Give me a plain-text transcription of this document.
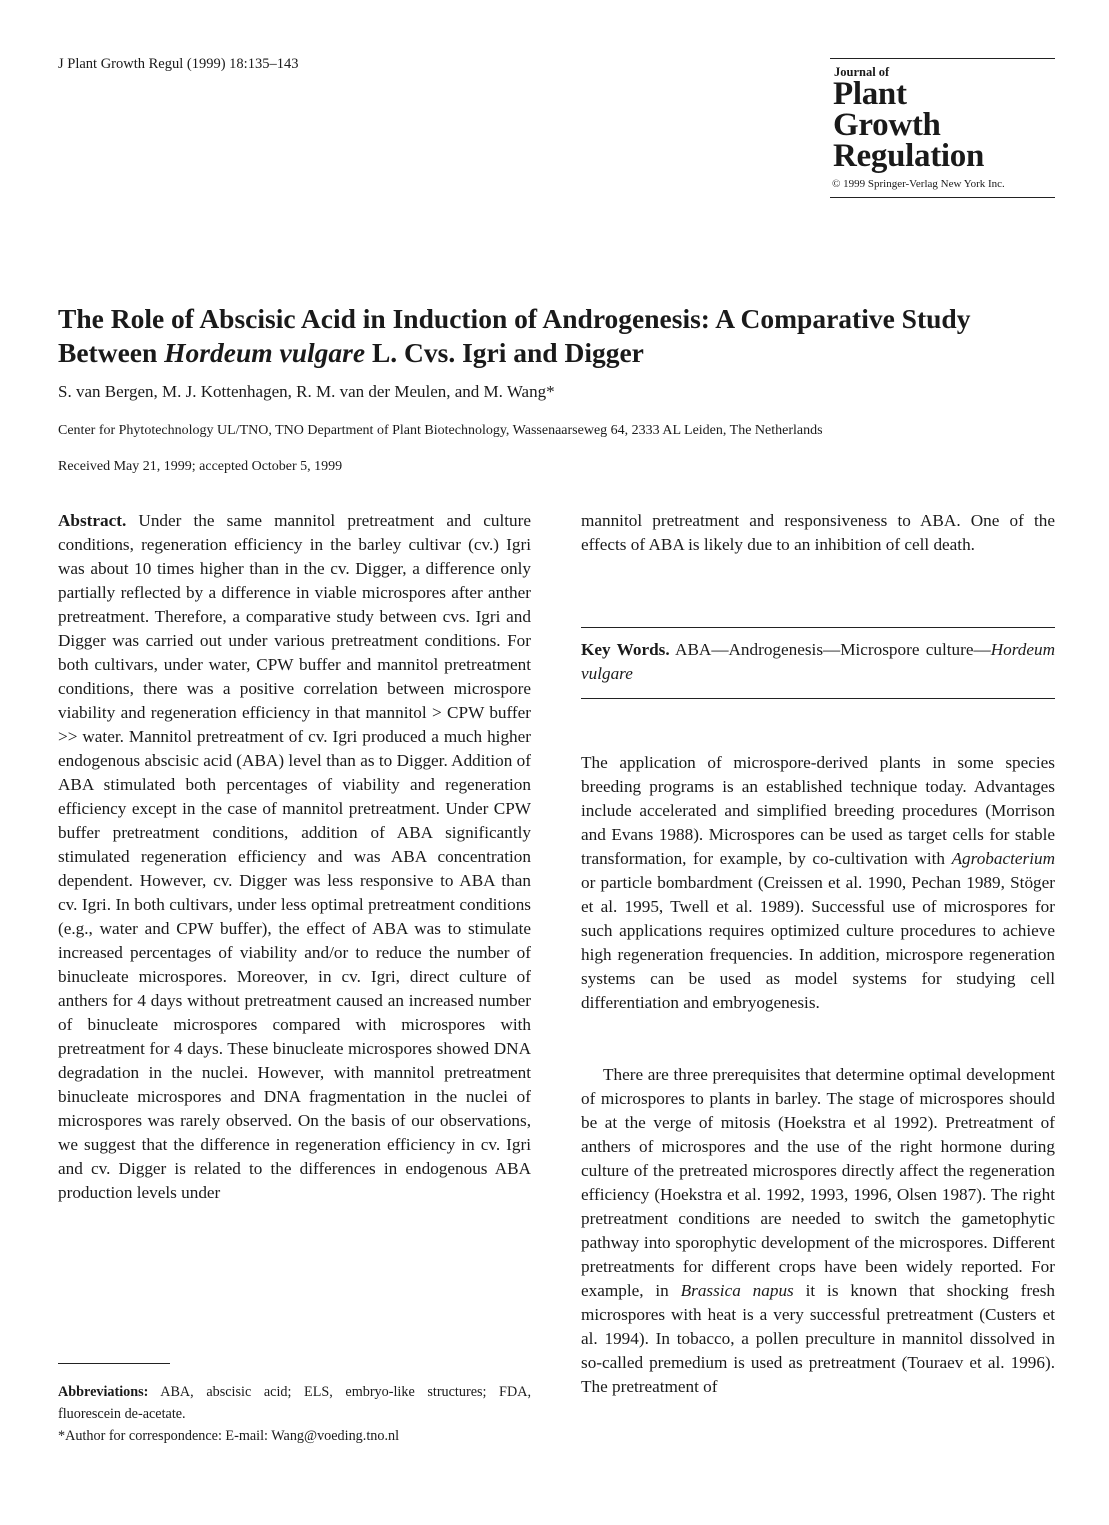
J Plant Growth Regul (1999) 18:135–143	Journal of
Plant
Growth
Regulation
© 1999 Springer-Verlag New York Inc.
The Role of Abscisic Acid in Induction of Androgenesis: A Comparative Study Between Hordeum vulgare L. Cvs. Igri and Digger
S. van Bergen, M. J. Kottenhagen, R. M. van der Meulen, and M. Wang*
Center for Phytotechnology UL/TNO, TNO Department of Plant Biotechnology, Wassenaarseweg 64, 2333 AL Leiden, The Netherlands
Received May 21, 1999; accepted October 5, 1999
Abstract. Under the same mannitol pretreatment and culture conditions, regeneration efficiency in the barley cultivar (cv.) Igri was about 10 times higher than in the cv. Digger, a difference only partially reflected by a difference in viable microspores after anther pretreatment. Therefore, a comparative study between cvs. Igri and Digger was carried out under various pretreatment conditions. For both cultivars, under water, CPW buffer and mannitol pretreatment conditions, there was a positive correlation between microspore viability and regeneration efficiency in that mannitol > CPW buffer >> water. Mannitol pretreatment of cv. Igri produced a much higher endogenous abscisic acid (ABA) level than as to Digger. Addition of ABA stimulated both percentages of viability and regeneration efficiency except in the case of mannitol pretreatment. Under CPW buffer pretreatment conditions, addition of ABA significantly stimulated regeneration efficiency and was ABA concentration dependent. However, cv. Digger was less responsive to ABA than cv. Igri. In both cultivars, under less optimal pretreatment conditions (e.g., water and CPW buffer), the effect of ABA was to stimulate increased percentages of viability and/or to reduce the number of binucleate microspores. Moreover, in cv. Igri, direct culture of anthers for 4 days without pretreatment caused an increased number of binucleate microspores compared with microspores with pretreatment for 4 days. These binucleate microspores showed DNA degradation in the nuclei. However, with mannitol pretreatment binucleate microspores and DNA fragmentation in the nuclei of microspores was rarely observed. On the basis of our observations, we suggest that the difference in regeneration efficiency in cv. Igri and cv. Digger is related to the differences in endogenous ABA production levels under
mannitol pretreatment and responsiveness to ABA. One of the effects of ABA is likely due to an inhibition of cell death.
Key Words. ABA—Androgenesis—Microspore culture—Hordeum vulgare
The application of microspore-derived plants in some species breeding programs is an established technique today. Advantages include accelerated and simplified breeding procedures (Morrison and Evans 1988). Microspores can be used as target cells for stable transformation, for example, by co-cultivation with Agrobacterium or particle bombardment (Creissen et al. 1990, Pechan 1989, Stöger et al. 1995, Twell et al. 1989). Successful use of microspores for such applications requires optimized culture procedures to achieve high regeneration frequencies. In addition, microspore regeneration systems can be used as model systems for studying cell differentiation and embryogenesis.
There are three prerequisites that determine optimal development of microspores to plants in barley. The stage of microspores should be at the verge of mitosis (Hoekstra et al 1992). Pretreatment of anthers of microspores and the use of the right hormone during culture of the pretreated microspores directly affect the regeneration efficiency (Hoekstra et al. 1992, 1993, 1996, Olsen 1987). The right pretreatment conditions are needed to switch the gametophytic pathway into sporophytic development of the microspores. Different pretreatments for different crops have been widely reported. For example, in Brassica napus it is known that shocking fresh microspores with heat is a very successful pretreatment (Custers et al. 1994). In tobacco, a pollen preculture in mannitol dissolved in so-called premedium is used as pretreatment (Touraev et al. 1996). The pretreatment of
Abbreviations: ABA, abscisic acid; ELS, embryo-like structures; FDA, fluorescein de-acetate.
*Author for correspondence: E-mail: Wang@voeding.tno.nl
